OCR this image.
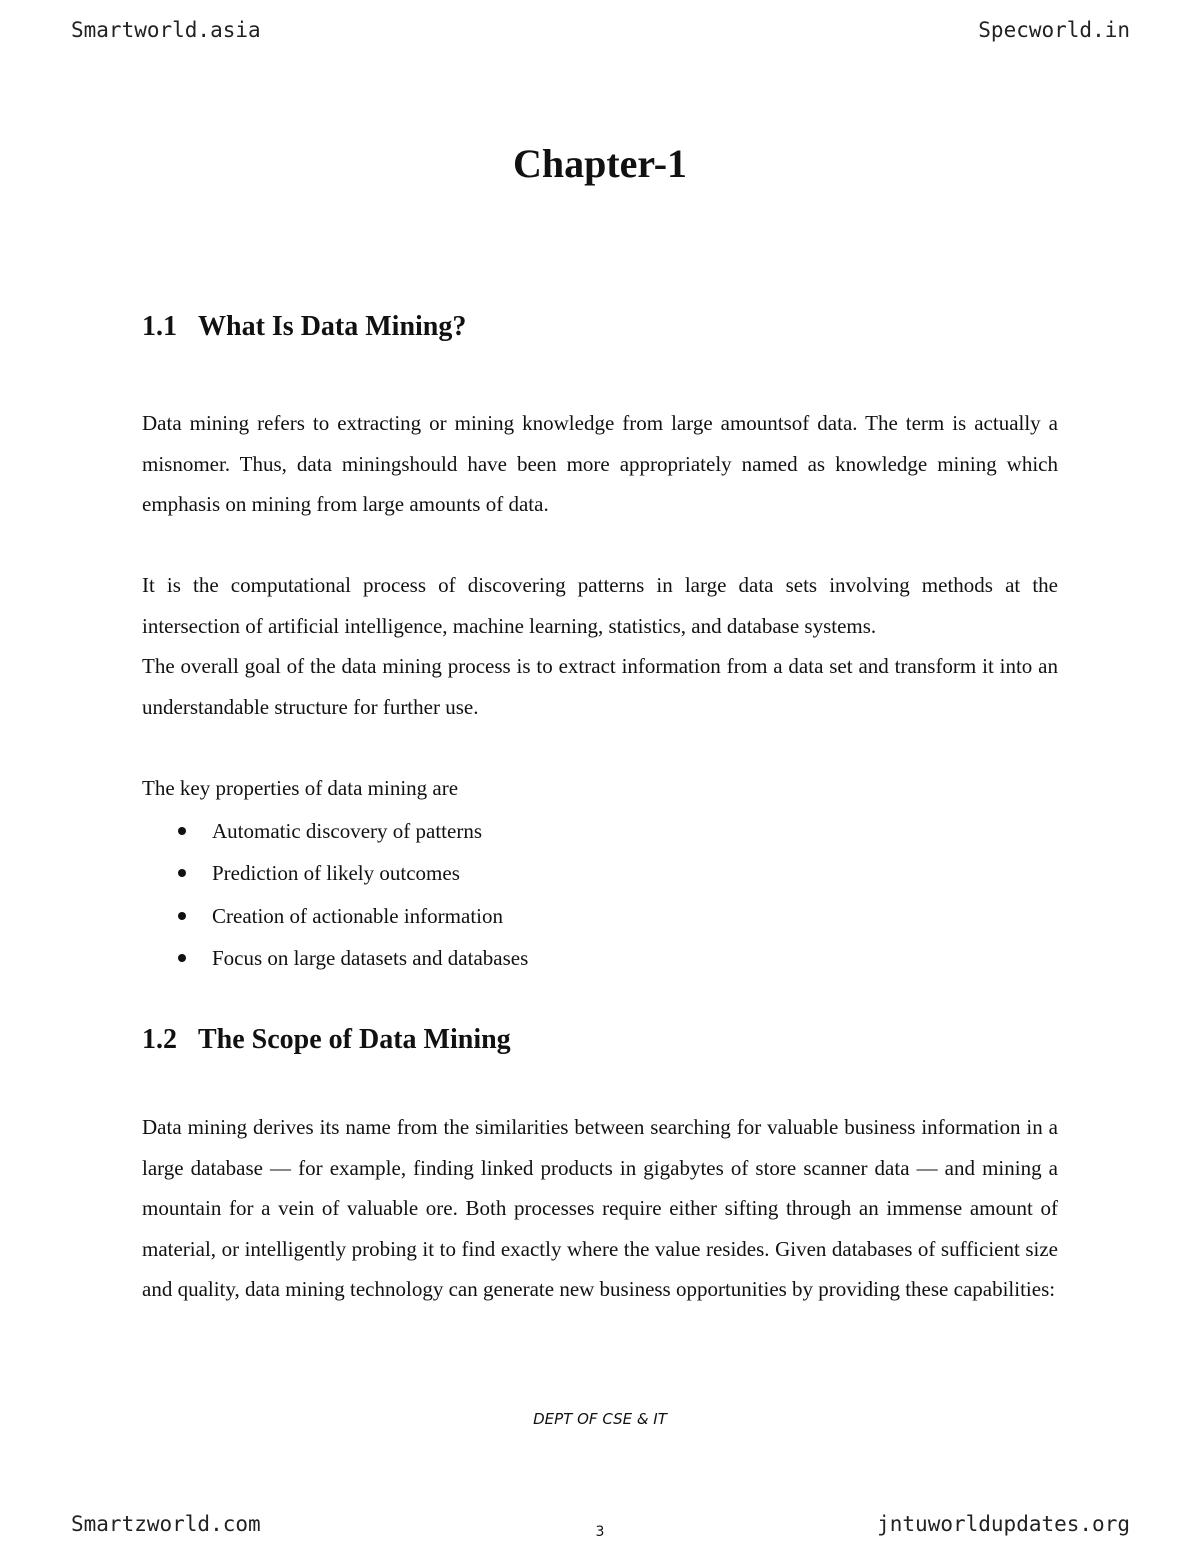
Smartworld.asia	Specworld.in
Chapter-1
1.1 What Is Data Mining?

Data mining refers to extracting or mining knowledge from large amountsof data. The term is actually a misnomer. Thus, data miningshould have been more appropriately named as knowledge mining which emphasis on mining from large amounts of data.

It is the computational process of discovering patterns in large data sets involving methods at the intersection of artificial intelligence, machine learning, statistics, and database systems.

The overall goal of the data mining process is to extract information from a data set and transform it into an understandable structure for further use.

The key properties of data mining are

Automatic discovery of patterns
Prediction of likely outcomes
Creation of actionable information
Focus on large datasets and databases
1.2 The Scope of Data Mining

Data mining derives its name from the similarities between searching for valuable business information in a large database — for example, finding linked products in gigabytes of store scanner data — and mining a mountain for a vein of valuable ore. Both processes require either sifting through an immense amount of material, or intelligently probing it to find exactly where the value resides. Given databases of sufficient size and quality, data mining technology can generate new business opportunities by providing these capabilities:

DEPT OF CSE & IT
Smartzworld.com	3	jntuworldupdates.org
